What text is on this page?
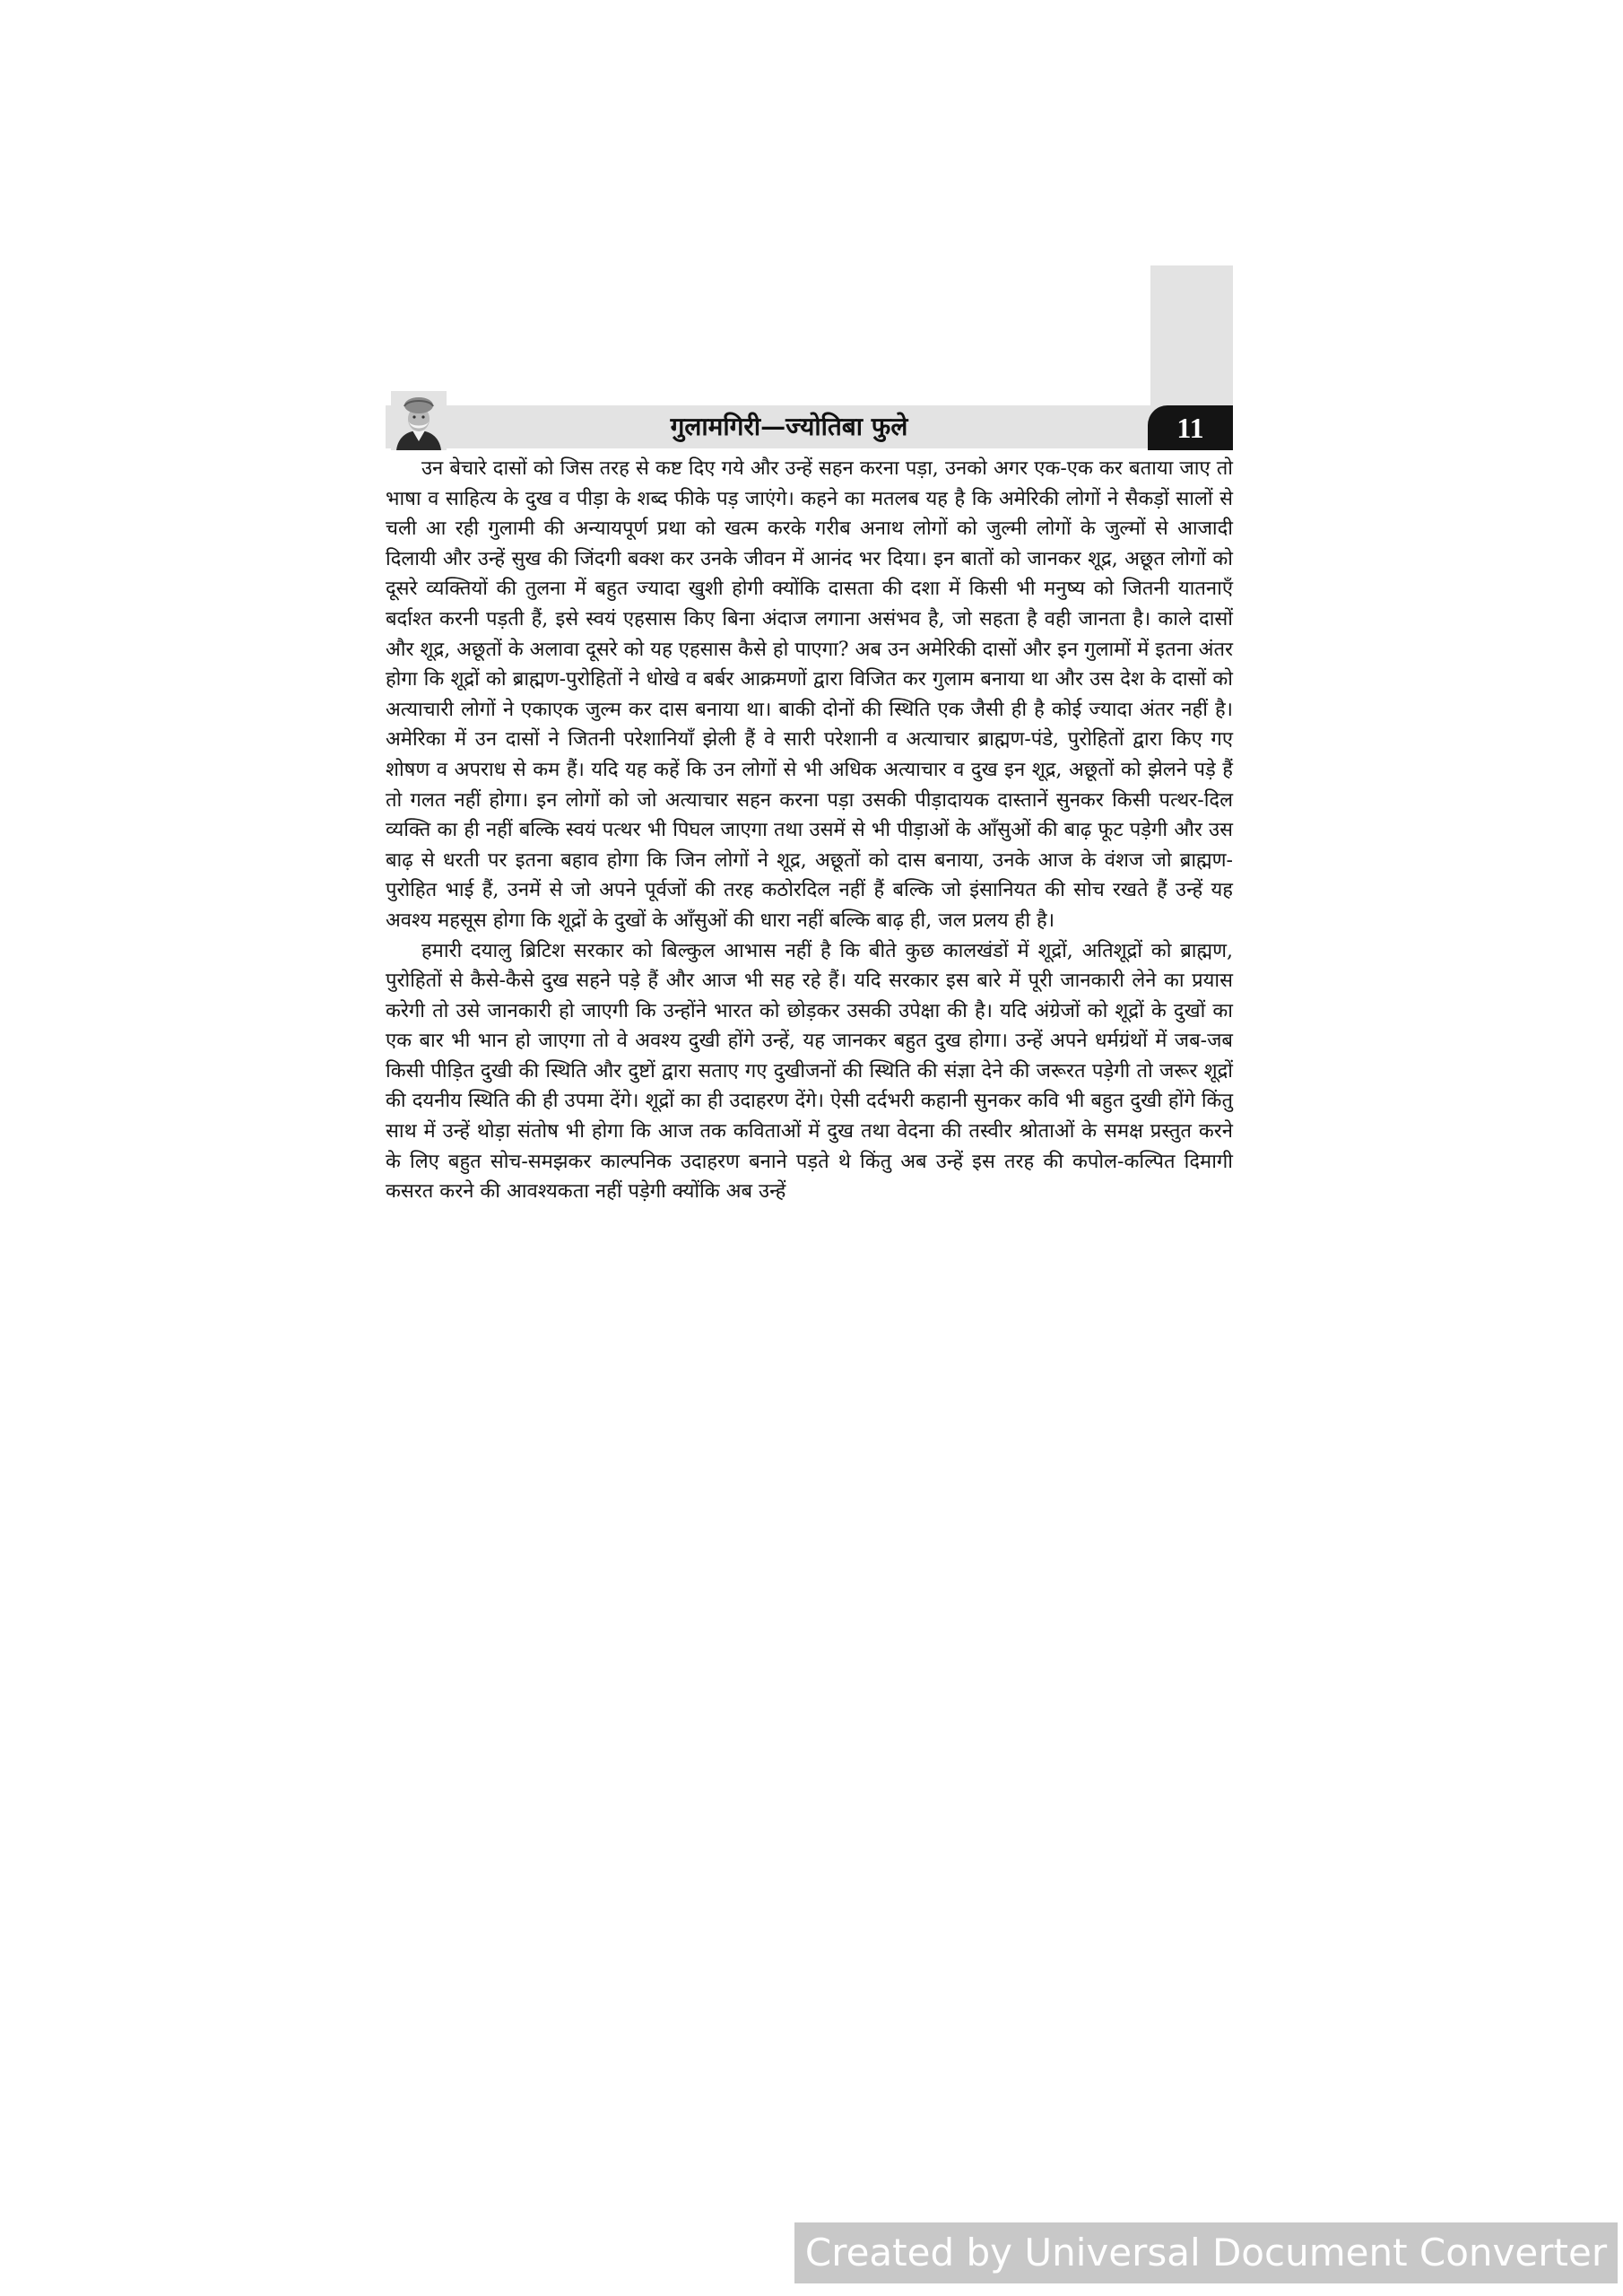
गुलामगिरी—ज्योतिबा फुले	11

उन बेचारे दासों को जिस तरह से कष्ट दिए गये और उन्हें सहन करना पड़ा, उनको अगर एक-एक कर बताया जाए तो भाषा व साहित्य के दुख व पीड़ा के शब्द फीके पड़ जाएंगे। कहने का मतलब यह है कि अमेरिकी लोगों ने सैकड़ों सालों से चली आ रही गुलामी की अन्यायपूर्ण प्रथा को खत्म करके गरीब अनाथ लोगों को जुल्मी लोगों के जुल्मों से आजादी दिलायी और उन्हें सुख की जिंदगी बक्श कर उनके जीवन में आनंद भर दिया। इन बातों को जानकर शूद्र, अछूत लोगों को दूसरे व्यक्तियों की तुलना में बहुत ज्यादा खुशी होगी क्योंकि दासता की दशा में किसी भी मनुष्य को जितनी यातनाएँ बर्दाश्त करनी पड़ती हैं, इसे स्वयं एहसास किए बिना अंदाज लगाना असंभव है, जो सहता है वही जानता है। काले दासों और शूद्र, अछूतों के अलावा दूसरे को यह एहसास कैसे हो पाएगा? अब उन अमेरिकी दासों और इन गुलामों में इतना अंतर होगा कि शूद्रों को ब्राह्मण-पुरोहितों ने धोखे व बर्बर आक्रमणों द्वारा विजित कर गुलाम बनाया था और उस देश के दासों को अत्याचारी लोगों ने एकाएक जुल्म कर दास बनाया था। बाकी दोनों की स्थिति एक जैसी ही है कोई ज्यादा अंतर नहीं है। अमेरिका में उन दासों ने जितनी परेशानियाँ झेली हैं वे सारी परेशानी व अत्याचार ब्राह्मण-पंडे, पुरोहितों द्वारा किए गए शोषण व अपराध से कम हैं। यदि यह कहें कि उन लोगों से भी अधिक अत्याचार व दुख इन शूद्र, अछूतों को झेलने पड़े हैं तो गलत नहीं होगा। इन लोगों को जो अत्याचार सहन करना पड़ा उसकी पीड़ादायक दास्तानें सुनकर किसी पत्थर-दिल व्यक्ति का ही नहीं बल्कि स्वयं पत्थर भी पिघल जाएगा तथा उसमें से भी पीड़ाओं के आँसुओं की बाढ़ फूट पड़ेगी और उस बाढ़ से धरती पर इतना बहाव होगा कि जिन लोगों ने शूद्र, अछूतों को दास बनाया, उनके आज के वंशज जो ब्राह्मण-पुरोहित भाई हैं, उनमें से जो अपने पूर्वजों की तरह कठोरदिल नहीं हैं बल्कि जो इंसानियत की सोच रखते हैं उन्हें यह अवश्य महसूस होगा कि शूद्रों के दुखों के आँसुओं की धारा नहीं बल्कि बाढ़ ही, जल प्रलय ही है।

हमारी दयालु ब्रिटिश सरकार को बिल्कुल आभास नहीं है कि बीते कुछ कालखंडों में शूद्रों, अतिशूद्रों को ब्राह्मण, पुरोहितों से कैसे-कैसे दुख सहने पड़े हैं और आज भी सह रहे हैं। यदि सरकार इस बारे में पूरी जानकारी लेने का प्रयास करेगी तो उसे जानकारी हो जाएगी कि उन्होंने भारत को छोड़कर उसकी उपेक्षा की है। यदि अंग्रेजों को शूद्रों के दुखों का एक बार भी भान हो जाएगा तो वे अवश्य दुखी होंगे उन्हें, यह जानकर बहुत दुख होगा। उन्हें अपने धर्मग्रंथों में जब-जब किसी पीड़ित दुखी की स्थिति और दुष्टों द्वारा सताए गए दुखीजनों की स्थिति की संज्ञा देने की जरूरत पड़ेगी तो जरूर शूद्रों की दयनीय स्थिति की ही उपमा देंगे। शूद्रों का ही उदाहरण देंगे। ऐसी दर्दभरी कहानी सुनकर कवि भी बहुत दुखी होंगे किंतु साथ में उन्हें थोड़ा संतोष भी होगा कि आज तक कविताओं में दुख तथा वेदना की तस्वीर श्रोताओं के समक्ष प्रस्तुत करने के लिए बहुत सोच-समझकर काल्पनिक उदाहरण बनाने पड़ते थे किंतु अब उन्हें इस तरह की कपोल-कल्पित दिमागी कसरत करने की आवश्यकता नहीं पड़ेगी क्योंकि अब उन्हें

Created by Universal Document Converter
